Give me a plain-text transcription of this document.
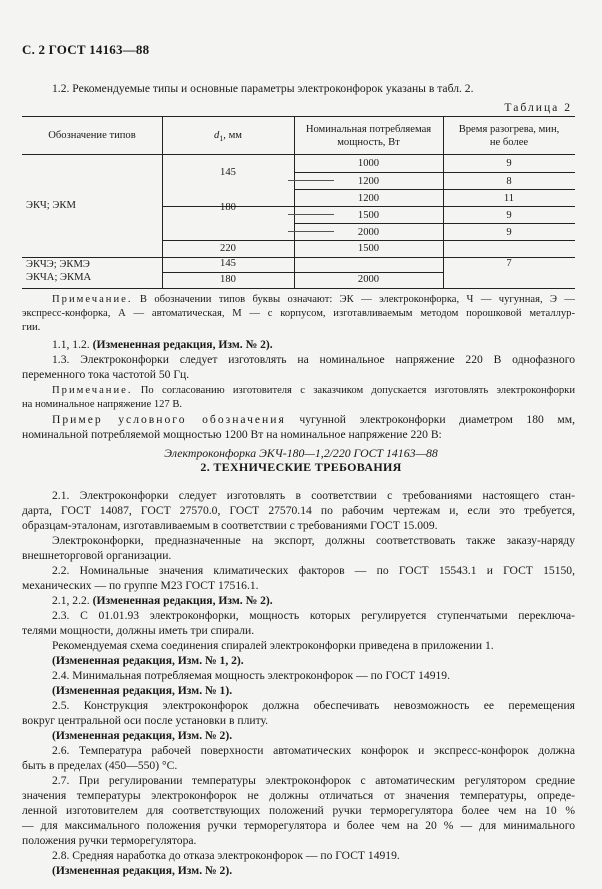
С. 2 ГОСТ 14163—88

1.2. Рекомендуемые типы и основные параметры электроконфорок указаны в табл. 2.

Таблица 2
Обозначение типов	$d_1$, мм
Номинальная потребляемая
мощность, Вт
Время разогрева, мин,
не более
ЭКЧ; ЭКМ
ЭКЧЭ; ЭКМЭ
ЭКЧА; ЭКМА
145
180
220
145
180
1000
1200
1200
1500
2000
1500
2000
9
8
11
9
9
7

Примечание. В обозначении типов буквы означают: ЭК — электроконфорка, Ч — чугунная, Э —

экспресс-конфорка, А — автоматическая, М — с корпусом, изготавливаемым методом порошковой металлур-

гии.

1.1, 1.2. (Измененная редакция, Изм. № 2).

1.3. Электроконфорки следует изготовлять на номинальное напряжение 220 В однофазного

переменного тока частотой 50 Гц.

Примечание. По согласованию изготовителя с заказчиком допускается изготовлять электроконфорки

на номинальное напряжение 127 В.

Пример условного обозначения чугунной электроконфорки диаметром 180 мм,

номинальной потребляемой мощностью 1200 Вт на номинальное напряжение 220 В:

Электроконфорка ЭКЧ-180—1,2/220 ГОСТ 14163—88

2. ТЕХНИЧЕСКИЕ ТРЕБОВАНИЯ

2.1. Электроконфорки следует изготовлять в соответствии с требованиями настоящего стан-

дарта, ГОСТ 14087, ГОСТ 27570.0, ГОСТ 27570.14 по рабочим чертежам и, если это требуется,

образцам-эталонам, изготавливаемым в соответствии с требованиями ГОСТ 15.009.

Электроконфорки, предназначенные на экспорт, должны соответствовать также заказу-наряду

внешнеторговой организации.

2.2. Номинальные значения климатических факторов — по ГОСТ 15543.1 и ГОСТ 15150,

механических — по группе М23 ГОСТ 17516.1.

2.1, 2.2. (Измененная редакция, Изм. № 2).

2.3. С 01.01.93 электроконфорки, мощность которых регулируется ступенчатыми переключа-

телями мощности, должны иметь три спирали.

Рекомендуемая схема соединения спиралей электроконфорки приведена в приложении 1.

(Измененная редакция, Изм. № 1, 2).

2.4. Минимальная потребляемая мощность электроконфорок — по ГОСТ 14919.

(Измененная редакция, Изм. № 1).

2.5. Конструкция электроконфорок должна обеспечивать невозможность ее перемещения

вокруг центральной оси после установки в плиту.

(Измененная редакция, Изм. № 2).

2.6. Температура рабочей поверхности автоматических конфорок и экспресс-конфорок должна

быть в пределах (450—550) °С.

2.7. При регулировании температуры электроконфорок с автоматическим регулятором средние

значения температуры электроконфорок не должны отличаться от значения температуры, опреде-

ленной изготовителем для соответствующих положений ручки терморегулятора более чем на 10 %

— для максимального положения ручки терморегулятора и более чем на 20 % — для минимального

положения ручки терморегулятора.

2.8. Средняя наработка до отказа электроконфорок — по ГОСТ 14919.

(Измененная редакция, Изм. № 2).
